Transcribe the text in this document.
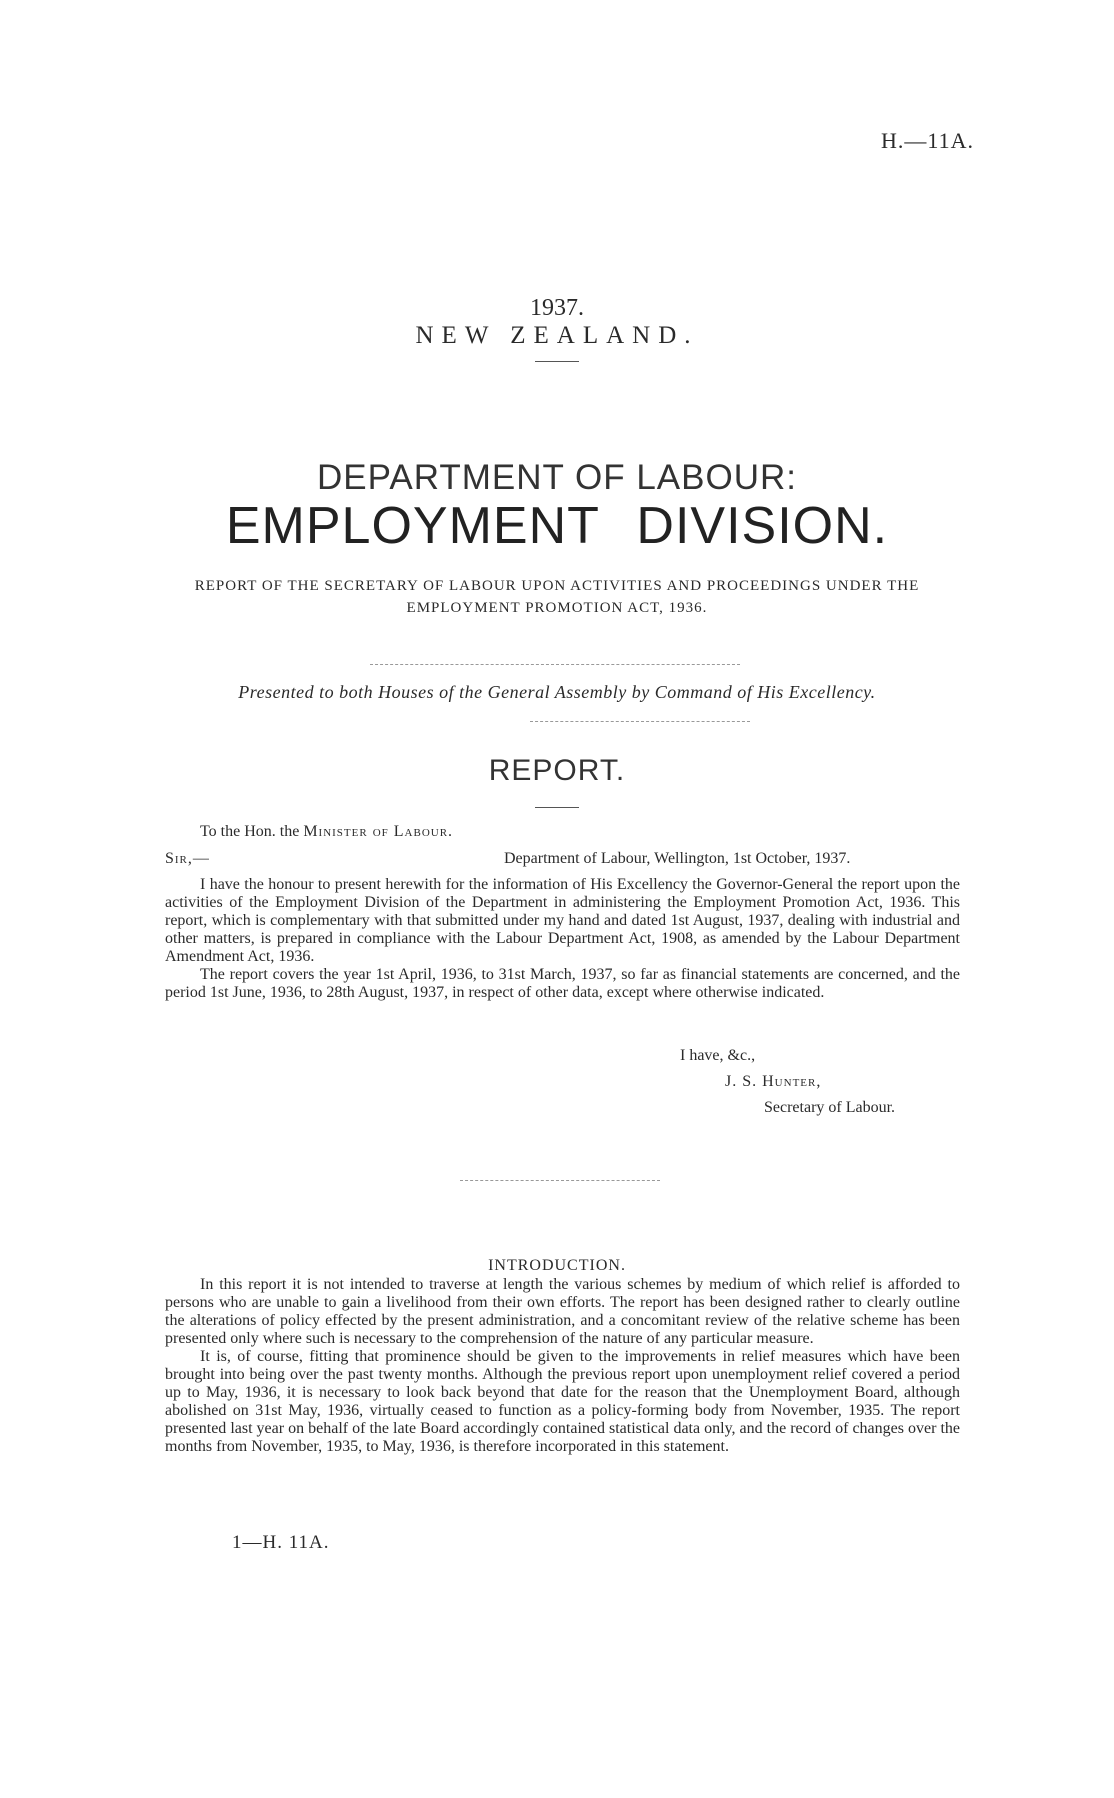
H.—11A.
1937.
NEW ZEALAND.
DEPARTMENT OF LABOUR:
EMPLOYMENT DIVISION.
REPORT OF THE SECRETARY OF LABOUR UPON ACTIVITIES AND PROCEEDINGS UNDER THE EMPLOYMENT PROMOTION ACT, 1936.
Presented to both Houses of the General Assembly by Command of His Excellency.
REPORT.
To the Hon. the Minister of Labour.
Sir,—	Department of Labour, Wellington, 1st October, 1937.

I have the honour to present herewith for the information of His Excellency the Governor-General the report upon the activities of the Employment Division of the Department in administering the Employment Promotion Act, 1936. This report, which is complementary with that submitted under my hand and dated 1st August, 1937, dealing with industrial and other matters, is prepared in compliance with the Labour Department Act, 1908, as amended by the Labour Department Amendment Act, 1936.

The report covers the year 1st April, 1936, to 31st March, 1937, so far as financial statements are concerned, and the period 1st June, 1936, to 28th August, 1937, in respect of other data, except where otherwise indicated.

I have, &c.,
J. S. Hunter,
Secretary of Labour.
INTRODUCTION.

In this report it is not intended to traverse at length the various schemes by medium of which relief is afforded to persons who are unable to gain a livelihood from their own efforts. The report has been designed rather to clearly outline the alterations of policy effected by the present administration, and a concomitant review of the relative scheme has been presented only where such is necessary to the comprehension of the nature of any particular measure.

It is, of course, fitting that prominence should be given to the improvements in relief measures which have been brought into being over the past twenty months. Although the previous report upon unemployment relief covered a period up to May, 1936, it is necessary to look back beyond that date for the reason that the Unemployment Board, although abolished on 31st May, 1936, virtually ceased to function as a policy-forming body from November, 1935. The report presented last year on behalf of the late Board accordingly contained statistical data only, and the record of changes over the months from November, 1935, to May, 1936, is therefore incorporated in this statement.

1—H. 11A.
